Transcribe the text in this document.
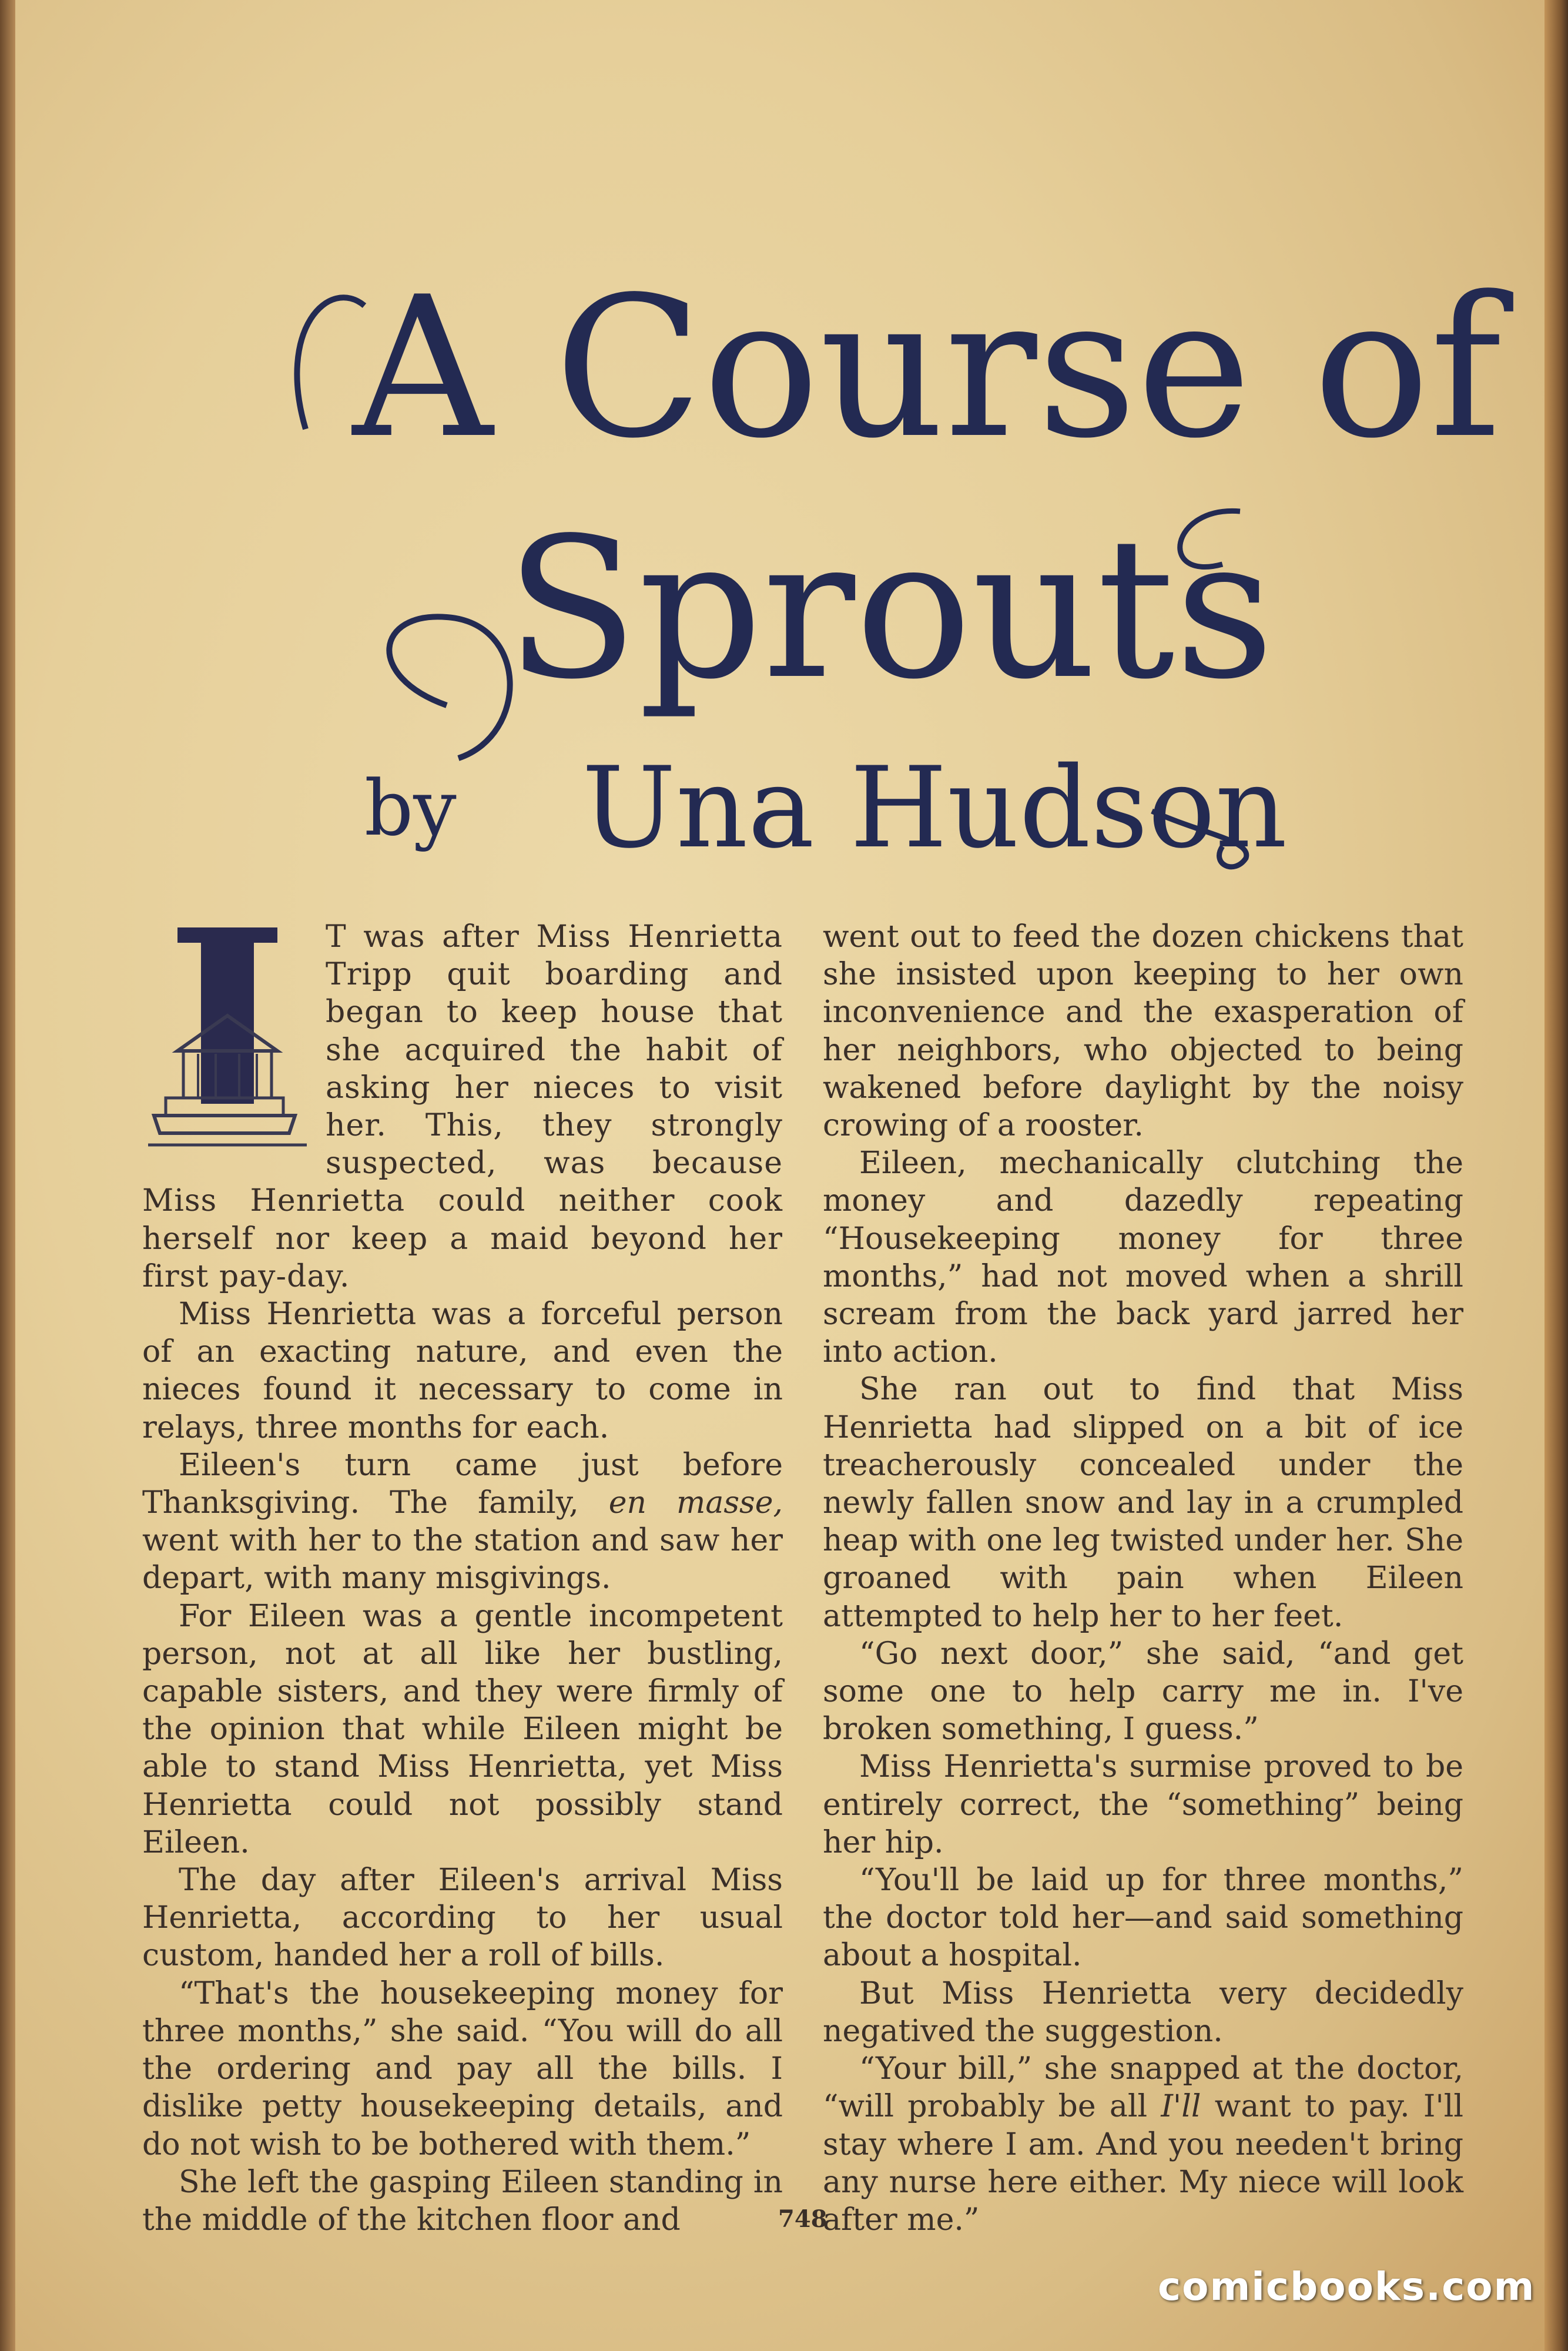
A Course of
Sprouts
by Una Hudson

T was after Miss Henrietta Tripp quit boarding and began to keep house that she acquired the habit of asking her nieces to visit her. This, they strongly suspected, was because Miss Henrietta could neither cook herself nor keep a maid beyond her first pay-day.

Miss Henrietta was a forceful person of an exacting nature, and even the nieces found it necessary to come in relays, three months for each.

Eileen's turn came just before Thanksgiving. The family, en masse, went with her to the station and saw her depart, with many misgivings.

For Eileen was a gentle incompetent person, not at all like her bustling, capable sisters, and they were firmly of the opinion that while Eileen might be able to stand Miss Henrietta, yet Miss Henrietta could not possibly stand Eileen.

The day after Eileen's arrival Miss Henrietta, according to her usual custom, handed her a roll of bills.

“That's the housekeeping money for three months,” she said. “You will do all the ordering and pay all the bills. I dislike petty housekeeping details, and do not wish to be bothered with them.”

She left the gasping Eileen standing in the middle of the kitchen floor and

went out to feed the dozen chickens that she insisted upon keeping to her own inconvenience and the exasperation of her neighbors, who objected to being wakened before daylight by the noisy crowing of a rooster.

Eileen, mechanically clutching the money and dazedly repeating “Housekeeping money for three months,” had not moved when a shrill scream from the back yard jarred her into action.

She ran out to find that Miss Henrietta had slipped on a bit of ice treacherously concealed under the newly fallen snow and lay in a crumpled heap with one leg twisted under her. She groaned with pain when Eileen attempted to help her to her feet.

“Go next door,” she said, “and get some one to help carry me in. I've broken something, I guess.”

Miss Henrietta's surmise proved to be entirely correct, the “something” being her hip.

“You'll be laid up for three months,” the doctor told her—and said something about a hospital.

But Miss Henrietta very decidedly negatived the suggestion.

“Your bill,” she snapped at the doctor, “will probably be all I'll want to pay. I'll stay where I am. And you needen't bring any nurse here either. My niece will look after me.”

748
comicbooks.com
